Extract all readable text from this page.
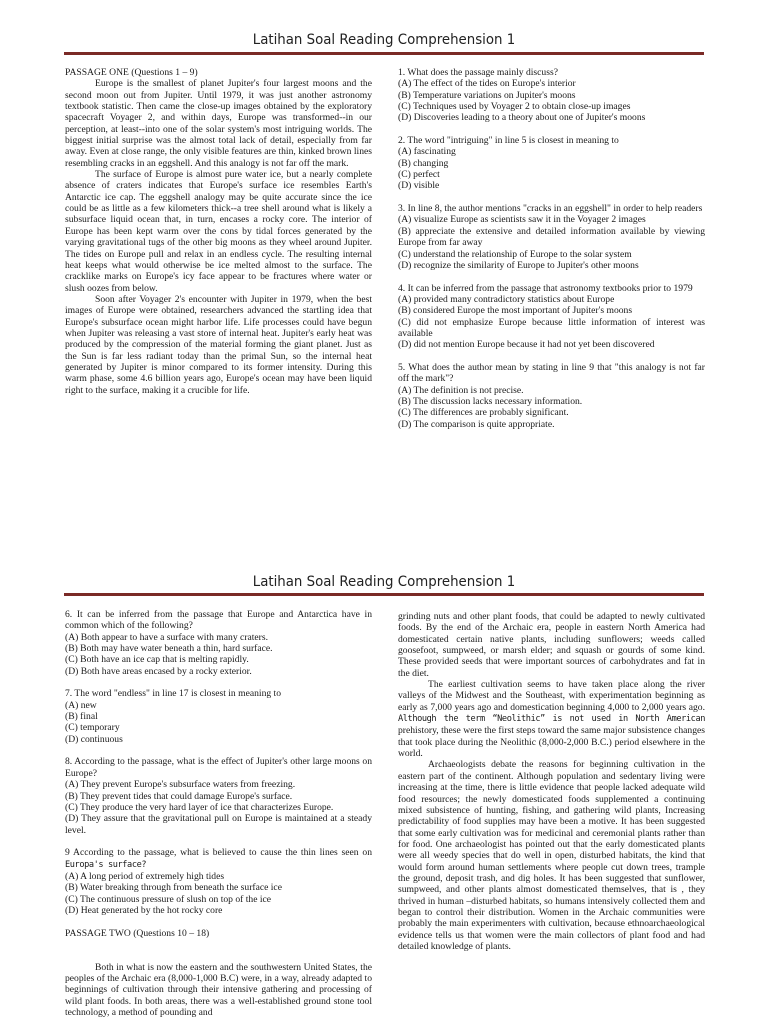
Latihan Soal Reading Comprehension 1

PASSAGE ONE (Questions 1 – 9)

Europe is the smallest of planet Jupiter's four largest moons and the second moon out from Jupiter. Until 1979, it was just another astronomy textbook statistic. Then came the close-up images obtained by the exploratory spacecraft Voyager 2, and within days, Europe was transformed--in our perception, at least--into one of the solar system's most intriguing worlds. The biggest initial surprise was the almost total lack of detail, especially from far away. Even at close range, the only visible features are thin, kinked brown lines resembling cracks in an eggshell. And this analogy is not far off the mark.

The surface of Europe is almost pure water ice, but a nearly complete absence of craters indicates that Europe's surface ice resembles Earth's Antarctic ice cap. The eggshell analogy may be quite accurate since the ice could be as little as a few kilometers thick--a tree shell around what is likely a subsurface liquid ocean that, in turn, encases a rocky core. The interior of Europe has been kept warm over the cons by tidal forces generated by the varying gravitational tugs of the other big moons as they wheel around Jupiter. The tides on Europe pull and relax in an endless cycle. The resulting internal heat keeps what would otherwise be ice melted almost to the surface. The cracklike marks on Europe's icy face appear to be fractures where water or slush oozes from below.

Soon after Voyager 2's encounter with Jupiter in 1979, when the best images of Europe were obtained, researchers advanced the startling idea that Europe's subsurface ocean might harbor life. Life processes could have begun when Jupiter was releasing a vast store of internal heat. Jupiter's early heat was produced by the compression of the material forming the giant planet. Just as the Sun is far less radiant today than the primal Sun, so the internal heat generated by Jupiter is minor compared to its former intensity. During this warm phase, some 4.6 billion years ago, Europe's ocean may have been liquid right to the surface, making it a crucible for life.

1. What does the passage mainly discuss?
(A) The effect of the tides on Europe's interior
(B) Temperature variations on Jupiter's moons
(C) Techniques used by Voyager 2 to obtain close-up images
(D) Discoveries leading to a theory about one of Jupiter's moons
2. The word "intriguing" in line 5 is closest in meaning to
(A) fascinating
(B) changing
(C) perfect
(D) visible
3. In line 8, the author mentions "cracks in an eggshell" in order to help readers
(A) visualize Europe as scientists saw it in the Voyager 2 images
(B) appreciate the extensive and detailed information available by viewing Europe from far away
(C) understand the relationship of Europe to the solar system
(D) recognize the similarity of Europe to Jupiter's other moons
4. It can be inferred from the passage that astronomy textbooks prior to 1979
(A) provided many contradictory statistics about Europe
(B) considered Europe the most important of Jupiter's moons
(C) did not emphasize Europe because little information of interest was available
(D) did not mention Europe because it had not yet been discovered
5. What does the author mean by stating in line 9 that "this analogy is not far off the mark"?
(A) The definition is not precise.
(B) The discussion lacks necessary information.
(C) The differences are probably significant.
(D) The comparison is quite appropriate.
Latihan Soal Reading Comprehension 1
6. It can be inferred from the passage that Europe and Antarctica have in common which of the following?
(A) Both appear to have a surface with many craters.
(B) Both may have water beneath a thin, hard surface.
(C) Both have an ice cap that is melting rapidly.
(D) Both have areas encased by a rocky exterior.
7. The word "endless" in line 17 is closest in meaning to
(A) new
(B) final
(C) temporary
(D) continuous
8. According to the passage, what is the effect of Jupiter's other large moons on Europe?
(A) They prevent Europe's subsurface waters from freezing.
(B) They prevent tides that could damage Europe's surface.
(C) They produce the very hard layer of ice that characterizes Europe.
(D) They assure that the gravitational pull on Europe is maintained at a steady level.
9 According to the passage, what is believed to cause the thin lines seen on Europa's surface?
(A) A long period of extremely high tides
(B) Water breaking through from beneath the surface ice
(C) The continuous pressure of slush on top of the ice
(D) Heat generated by the hot rocky core

PASSAGE TWO (Questions 10 – 18)

Both in what is now the eastern and the southwestern United States, the peoples of the Archaic era (8,000-1,000 B.C) were, in a way, already adapted to beginnings of cultivation through their intensive gathering and processing of wild plant foods. In both areas, there was a well-established ground stone tool technology, a method of pounding and

grinding nuts and other plant foods, that could be adapted to newly cultivated foods. By the end of the Archaic era, people in eastern North America had domesticated certain native plants, including sunflowers; weeds called goosefoot, sumpweed, or marsh elder; and squash or gourds of some kind. These provided seeds that were important sources of carbohydrates and fat in the diet.

The earliest cultivation seems to have taken place along the river valleys of the Midwest and the Southeast, with experimentation beginning as early as 7,000 years ago and domestication beginning 4,000 to 2,000 years ago. Although the term “Neolithic” is not used in North American prehistory, these were the first steps toward the same major subsistence changes that took place during the Neolithic (8,000-2,000 B.C.) period elsewhere in the world.

Archaeologists debate the reasons for beginning cultivation in the eastern part of the continent. Although population and sedentary living were increasing at the time, there is little evidence that people lacked adequate wild food resources; the newly domesticated foods supplemented a continuing mixed subsistence of hunting, fishing, and gathering wild plants, Increasing predictability of food supplies may have been a motive. It has been suggested that some early cultivation was for medicinal and ceremonial plants rather than for food. One archaeologist has pointed out that the early domesticated plants were all weedy species that do well in open, disturbed habitats, the kind that would form around human settlements where people cut down trees, trample the ground, deposit trash, and dig holes. It has been suggested that sunflower, sumpweed, and other plants almost domesticated themselves, that is , they thrived in human –disturbed habitats, so humans intensively collected them and began to control their distribution. Women in the Archaic communities were probably the main experimenters with cultivation, because ethnoarchaeological evidence tells us that women were the main collectors of plant food and had detailed knowledge of plants.
